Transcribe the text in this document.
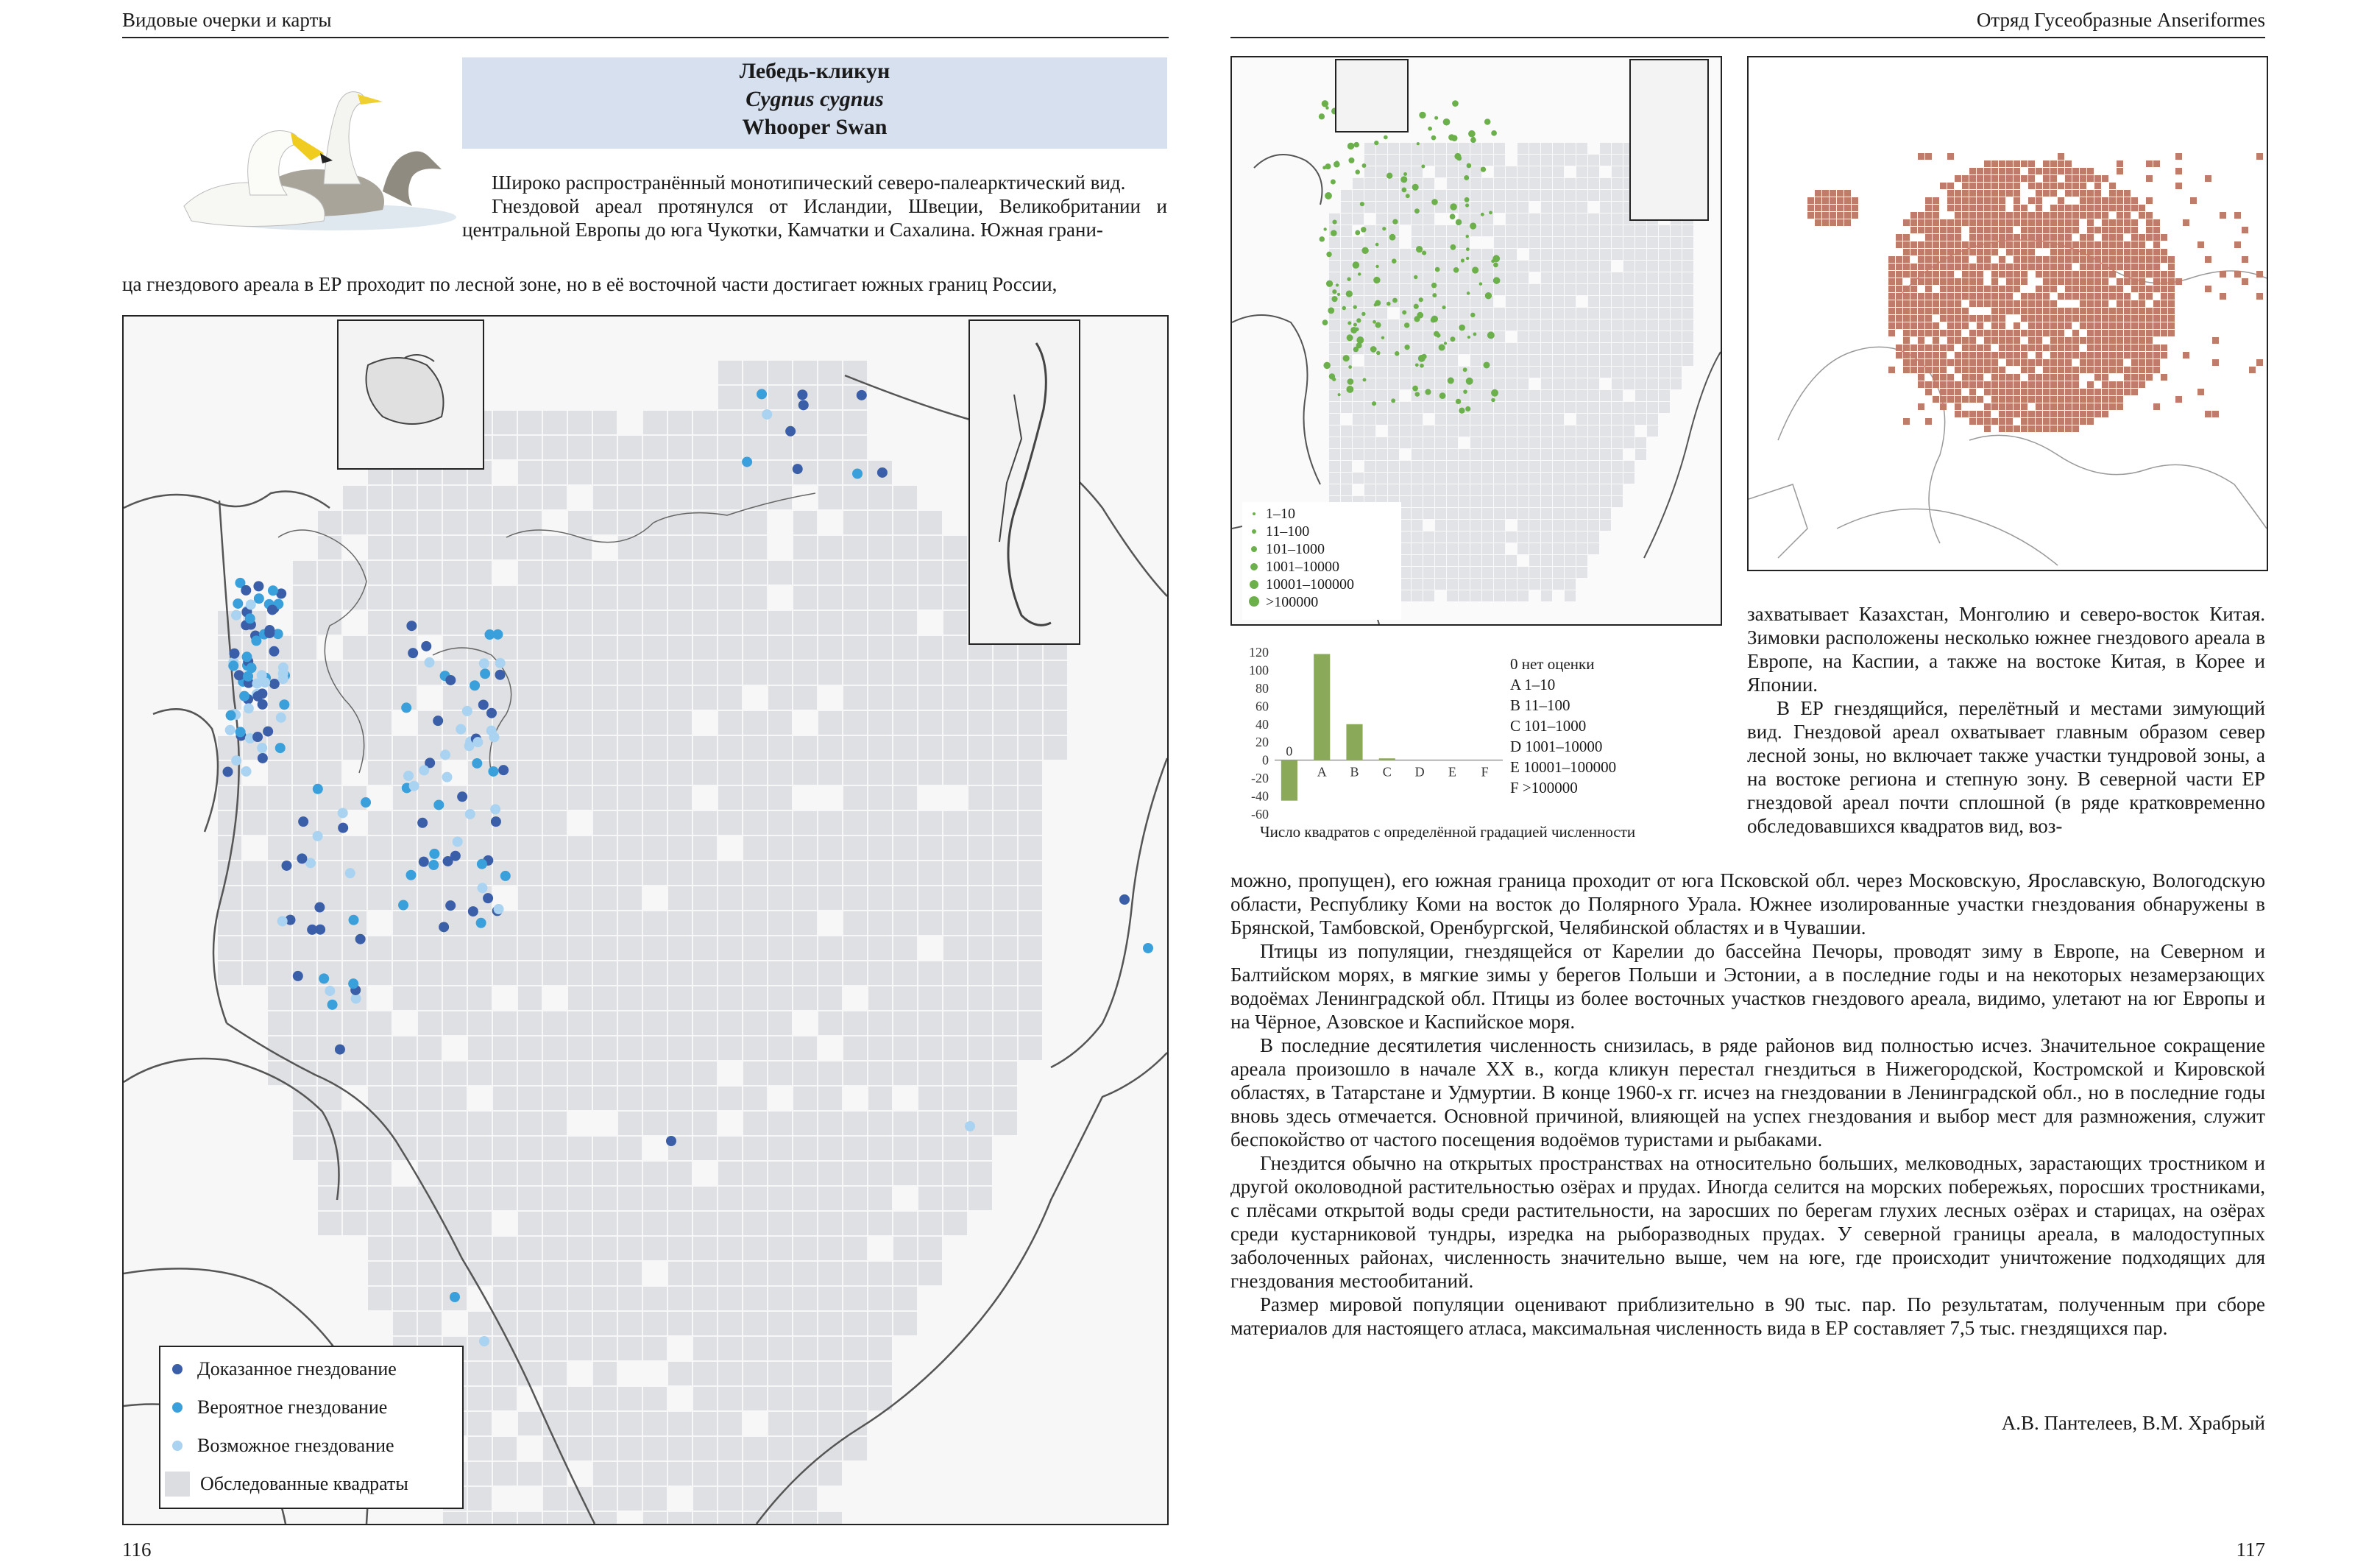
Видовые очерки и карты
Лебедь-кликун
Cygnus cygnus
Whooper Swan

Широко распространённый монотипический северо-палеарктический вид.

Гнездовой ареал протянулся от Исландии, Швеции, Великобритании и центральной Европы до юга Чукотки, Камчатки и Сахалина. Южная грани-

ца гнездового ареала в ЕР проходит по лесной зоне, но в её восточной части достигает южных границ России,

Доказанное гнездование
Вероятное гнездование
Возможное гнездование
Обследованные квадраты
116
Отряд Гусеобразные Anseriformes
1–10
11–100
101–1000
1001–10000
10001–100000
>100000
120
100
80
60
40
20
0
-20
-40
-60
0
A B C D E F
0 нет оценки
A 1–10
B 11–100
C 101–1000
D 1001–10000
E 10001–100000
F >100000
Число квадратов с определённой градацией численности

захватывает Казахстан, Монголию и северо-восток Китая. Зимовки расположены несколько южнее гнездового ареала в Европе, на Каспии, а также на востоке Китая, в Корее и Японии.

В ЕР гнездящийся, перелётный и местами зимующий вид. Гнездовой ареал охватывает главным образом север лесной зоны, но включает также участки тундровой зоны, а на востоке региона и степную зону. В северной части ЕР гнездовой ареал почти сплошной (в ряде кратковременно обследовавшихся квадратов вид, воз-

можно, пропущен), его южная граница проходит от юга Псковской обл. через Московскую, Ярославскую, Вологодскую области, Республику Коми на восток до Полярного Урала. Южнее изолированные участки гнездования обнаружены в Брянской, Тамбовской, Оренбургской, Челябинской областях и в Чувашии.

Птицы из популяции, гнездящейся от Карелии до бассейна Печоры, проводят зиму в Европе, на Северном и Балтийском морях, в мягкие зимы у берегов Польши и Эстонии, а в последние годы и на некоторых незамерзающих водоёмах Ленинградской обл. Птицы из более восточных участков гнездового ареала, видимо, улетают на юг Европы и на Чёрное, Азовское и Каспийское моря.

В последние десятилетия численность снизилась, в ряде районов вид полностью исчез. Значительное сокращение ареала произошло в начале XX в., когда кликун перестал гнездиться в Нижегородской, Костромской и Кировской областях, в Татарстане и Удмуртии. В конце 1960-х гг. исчез на гнездовании в Ленинградской обл., но в последние годы вновь здесь отмечается. Основной причиной, влияющей на успех гнездования и выбор мест для размножения, служит беспокойство от частого посещения водоёмов туристами и рыбаками.

Гнездится обычно на открытых пространствах на относительно больших, мелководных, зарастающих тростником и другой околоводной растительностью озёрах и прудах. Иногда селится на морских побережьях, поросших тростниками, с плёсами открытой воды среди растительности, на заросших по берегам глухих лесных озёрах и старицах, на озёрах среди кустарниковой тундры, изредка на рыборазводных прудах. У северной границы ареала, в малодоступных заболоченных районах, численность значительно выше, чем на юге, где происходит уничтожение подходящих для гнездования местообитаний.

Размер мировой популяции оценивают приблизительно в 90 тыс. пар. По результатам, полученным при сборе материалов для настоящего атласа, максимальная численность вида в ЕР составляет 7,5 тыс. гнездящихся пар.

А.В. Пантелеев, В.М. Храбрый
117
